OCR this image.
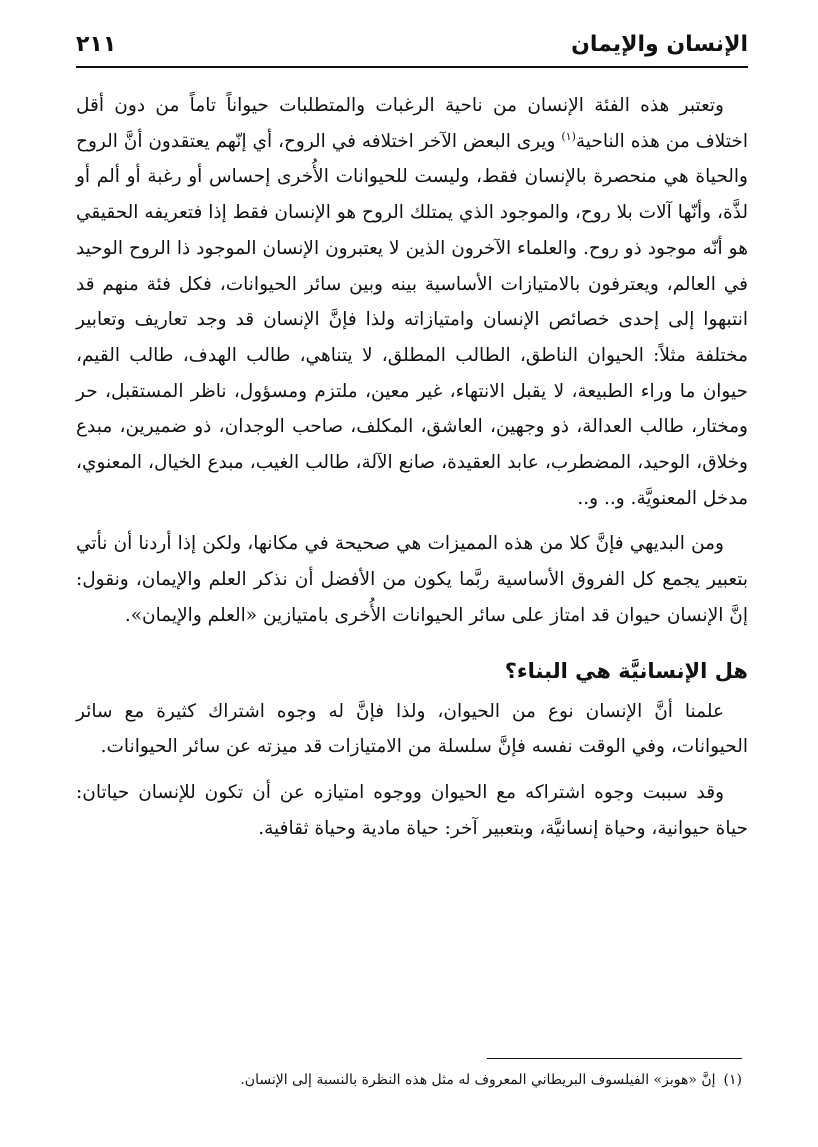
الإنسان والإيمان
٢١١

وتعتبر هذه الفئة الإنسان من ناحية الرغبات والمتطلبات حيواناً تاماً من دون أقل اختلاف من هذه الناحية$^{(١)}$ ويرى البعض الآخر اختلافه في الروح، أي إنّهم يعتقدون أنَّ الروح والحياة هي منحصرة بالإنسان فقط، وليست للحيوانات الأُخرى إحساس أو رغبة أو ألم أو لذَّة، وأنّها آلات بلا روح، والموجود الذي يمتلك الروح هو الإنسان فقط إذا فتعريفه الحقيقي هو أنّه موجود ذو روح. والعلماء الآخرون الذين لا يعتبرون الإنسان الموجود ذا الروح الوحيد في العالم، ويعترفون بالامتيازات الأساسية بينه وبين سائر الحيوانات، فكل فئة منهم قد انتبهوا إلى إحدى خصائص الإنسان وامتيازاته ولذا فإنَّ الإنسان قد وجد تعاريف وتعابير مختلفة مثلاً: الحيوان الناطق، الطالب المطلق، لا يتناهي، طالب الهدف، طالب القيم، حيوان ما وراء الطبيعة، لا يقبل الانتهاء، غير معين، ملتزم ومسؤول، ناظر المستقبل، حر ومختار، طالب العدالة، ذو وجهين، العاشق، المكلف، صاحب الوجدان، ذو ضميرين، مبدع وخلاق، الوحيد، المضطرب، عابد العقيدة، صانع الآلة، طالب الغيب، مبدع الخيال، المعنوي، مدخل المعنويَّة. و.. و..

ومن البديهي فإنَّ كلا من هذه المميزات هي صحيحة في مكانها، ولكن إذا أردنا أن نأتي بتعبير يجمع كل الفروق الأساسية ربَّما يكون من الأفضل أن نذكر العلم والإيمان، ونقول: إنَّ الإنسان حيوان قد امتاز على سائر الحيوانات الأُخرى بامتيازين «العلم والإيمان».

هل الإنسانيَّة هي البناء؟

علمنا أنَّ الإنسان نوع من الحيوان، ولذا فإنَّ له وجوه اشتراك كثيرة مع سائر الحيوانات، وفي الوقت نفسه فإنَّ سلسلة من الامتيازات قد ميزته عن سائر الحيوانات.

وقد سببت وجوه اشتراكه مع الحيوان ووجوه امتيازه عن أن تكون للإنسان حياتان: حياة حيوانية، وحياة إنسانيَّة، وبتعبير آخر: حياة مادية وحياة ثقافية.

(١)إنَّ «هوبز» الفيلسوف البريطاني المعروف له مثل هذه النظرة بالنسبة إلى الإنسان.
